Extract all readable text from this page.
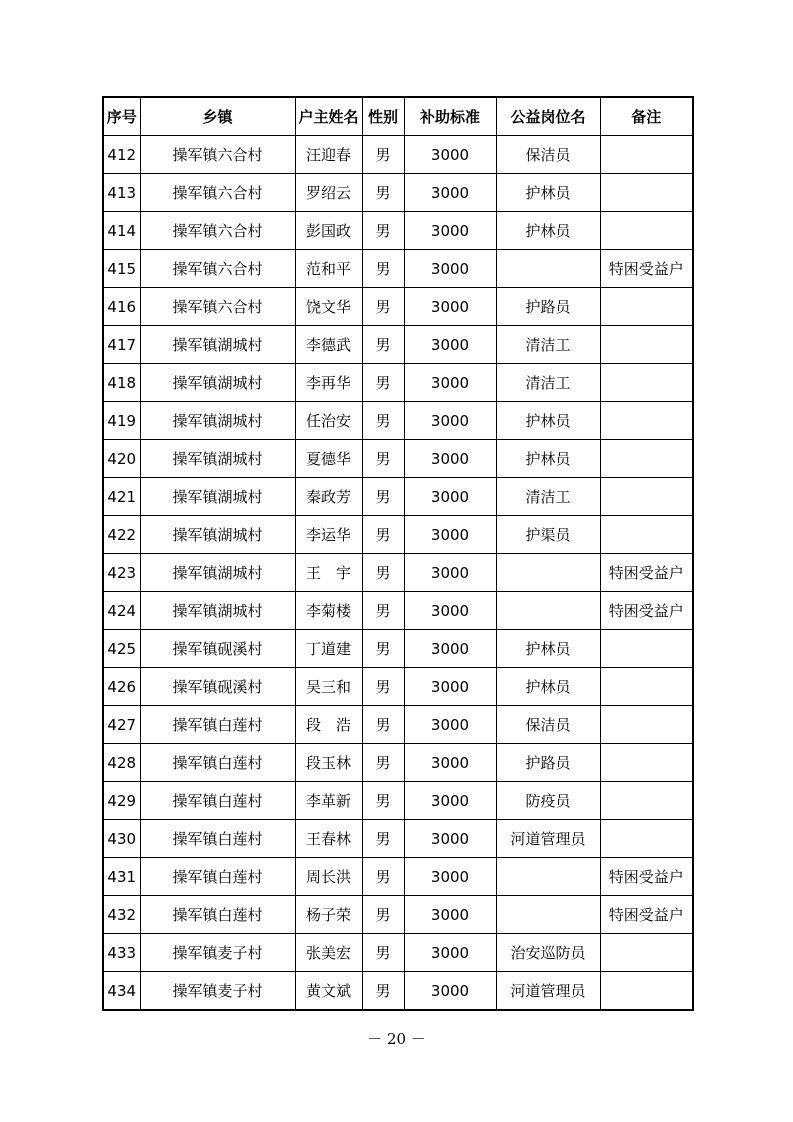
序号	乡镇	户主姓名	性别	补助标准	公益岗位名	备注
412	操军镇六合村	汪迎春	男	3000	保洁员	
413	操军镇六合村	罗绍云	男	3000	护林员	
414	操军镇六合村	彭国政	男	3000	护林员	
415	操军镇六合村	范和平	男	3000		特困受益户
416	操军镇六合村	饶文华	男	3000	护路员	
417	操军镇湖城村	李德武	男	3000	清洁工	
418	操军镇湖城村	李再华	男	3000	清洁工	
419	操军镇湖城村	任治安	男	3000	护林员	
420	操军镇湖城村	夏德华	男	3000	护林员	
421	操军镇湖城村	秦政芳	男	3000	清洁工	
422	操军镇湖城村	李运华	男	3000	护渠员	
423	操军镇湖城村	王　宇	男	3000		特困受益户
424	操军镇湖城村	李菊楼	男	3000		特困受益户
425	操军镇砚溪村	丁道建	男	3000	护林员	
426	操军镇砚溪村	吴三和	男	3000	护林员	
427	操军镇白莲村	段　浩	男	3000	保洁员	
428	操军镇白莲村	段玉林	男	3000	护路员	
429	操军镇白莲村	李革新	男	3000	防疫员	
430	操军镇白莲村	王春林	男	3000	河道管理员	
431	操军镇白莲村	周长洪	男	3000		特困受益户
432	操军镇白莲村	杨子荣	男	3000		特困受益户
433	操军镇麦子村	张美宏	男	3000	治安巡防员	
434	操军镇麦子村	黄文斌	男	3000	河道管理员	
－ 20 －
